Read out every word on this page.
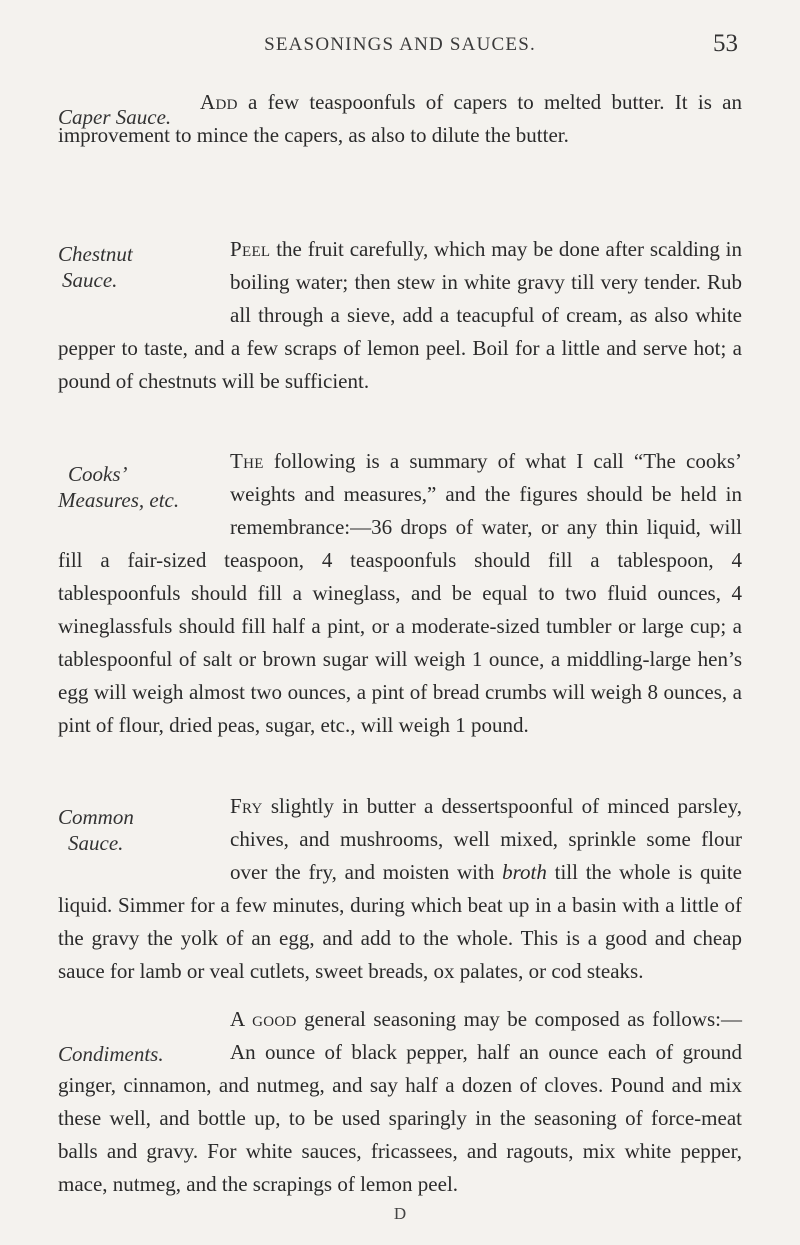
SEASONINGS AND SAUCES.	53
Caper Sauce.

Add a few teaspoonfuls of capers to melted butter. It is an improvement to mince the capers, as also to dilute the butter.

Chestnut
Sauce.

Peel the fruit carefully, which may be done after scalding in boiling water; then stew in white gravy till very tender. Rub all through a sieve, add a teacupful of cream, as also white pepper to taste, and a few scraps of lemon peel. Boil for a little and serve hot; a pound of chestnuts will be sufficient.

Cooks’
Measures, etc.

The following is a summary of what I call “The cooks’ weights and measures,” and the figures should be held in remembrance:—36 drops of water, or any thin liquid, will fill a fair-sized teaspoon, 4 teaspoonfuls should fill a tablespoon, 4 tablespoonfuls should fill a wineglass, and be equal to two fluid ounces, 4 wineglassfuls should fill half a pint, or a moderate-sized tumbler or large cup; a tablespoonful of salt or brown sugar will weigh 1 ounce, a middling-large hen’s egg will weigh almost two ounces, a pint of bread crumbs will weigh 8 ounces, a pint of flour, dried peas, sugar, etc., will weigh 1 pound.

Common
Sauce.

Fry slightly in butter a dessertspoonful of minced parsley, chives, and mushrooms, well mixed, sprinkle some flour over the fry, and moisten with broth till the whole is quite liquid. Simmer for a few minutes, during which beat up in a basin with a little of the gravy the yolk of an egg, and add to the whole. This is a good and cheap sauce for lamb or veal cutlets, sweet breads, ox palates, or cod steaks.

Condiments.

A good general seasoning may be composed as follows:—An ounce of black pepper, half an ounce each of ground ginger, cinnamon, and nutmeg, and say half a dozen of cloves. Pound and mix these well, and bottle up, to be used sparingly in the seasoning of force-meat balls and gravy. For white sauces, fricassees, and ragouts, mix white pepper, mace, nutmeg, and the scrapings of lemon peel.

D
